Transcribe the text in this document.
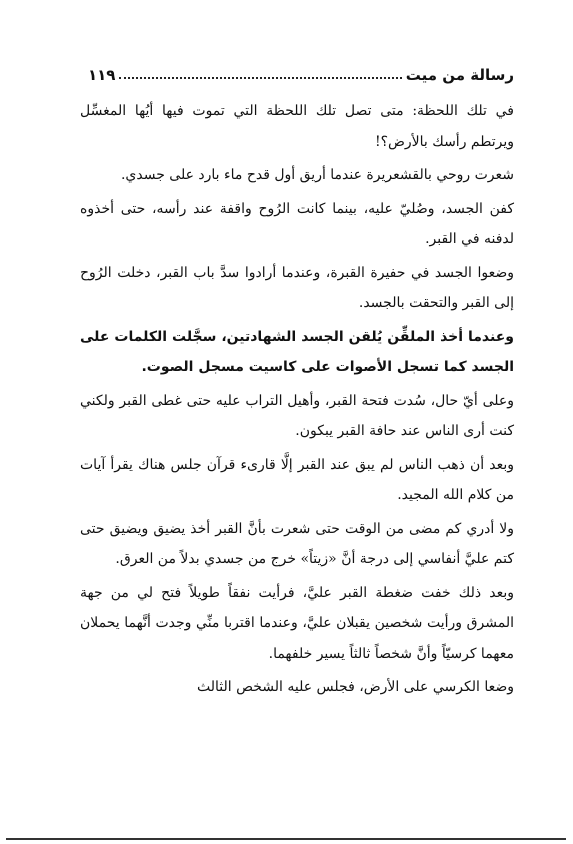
رسالة من ميت
١١٩

في تلك اللحظة: متى تصل تلك اللحظة التي تموت فيها أيُها المغسِّل ويرتطم رأسك بالأرض؟!

شعرت روحي بالقشعريرة عندما أريق أول قدح ماء بارد على جسدي.

كفن الجسد، وصُليّ عليه، بينما كانت الرُوح واقفة عند رأسه، حتى أخذوه لدفنه في القبر.

وضعوا الجسد في حفيرة القبرة، وعندما أرادوا سدَّ باب القبر، دخلت الرُوح إلى القبر والتحقت بالجسد.

وعندما أخذ الملقِّن يُلقن الجسد الشهادتين، سجَّلت الكلمات على الجسد كما تسجل الأصوات على كاسيت مسجل الصوت.

وعلى أيّ حال، سُدت فتحة القبر، وأهيل التراب عليه حتى غطى القبر ولكني كنت أرى الناس عند حافة القبر يبكون.

وبعد أن ذهب الناس لم يبق عند القبر إلَّا قارىء قرآن جلس هناك يقرأ آيات من كلام الله المجيد.

ولا أدري كم مضى من الوقت حتى شعرت بأنَّ القبر أخذ يضيق ويضيق حتى كتم عليَّ أنفاسي إلى درجة أنَّ «زيتاً» خرج من جسدي بدلاً من العرق.

وبعد ذلك خفت ضغطة القبر عليَّ، فرأيت نفقاً طويلاً فتح لي من جهة المشرق ورأيت شخصين يقبلان عليَّ، وعندما اقتربا منِّي وجدت أنَّهما يحملان معهما كرسيّاً وأنَّ شخصاً ثالثاً يسير خلفهما.

وضعا الكرسي على الأرض، فجلس عليه الشخص الثالث
